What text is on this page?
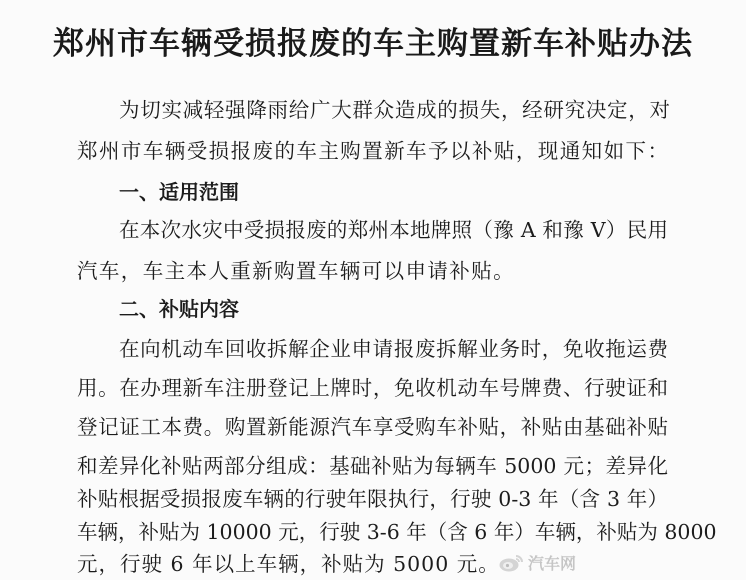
郑州市车辆受损报废的车主购置新车补贴办法
为切实减轻强降雨给广大群众造成的损失，经研究决定，对
郑州市车辆受损报废的车主购置新车予以补贴，现通知如下：
一、适用范围
在本次水灾中受损报废的郑州本地牌照（豫 A 和豫 V）民用
汽车，车主本人重新购置车辆可以申请补贴。
二、补贴内容
在向机动车回收拆解企业申请报废拆解业务时，免收拖运费
用。在办理新车注册登记上牌时，免收机动车号牌费、行驶证和
登记证工本费。购置新能源汽车享受购车补贴，补贴由基础补贴
和差异化补贴两部分组成：基础补贴为每辆车 5000 元；差异化
补贴根据受损报废车辆的行驶年限执行，行驶 0-3 年（含 3 年）
车辆，补贴为 10000 元，行驶 3-6 年（含 6 年）车辆，补贴为 8000
元，行驶 6 年以上车辆，补贴为 5000 元。 汽车网
